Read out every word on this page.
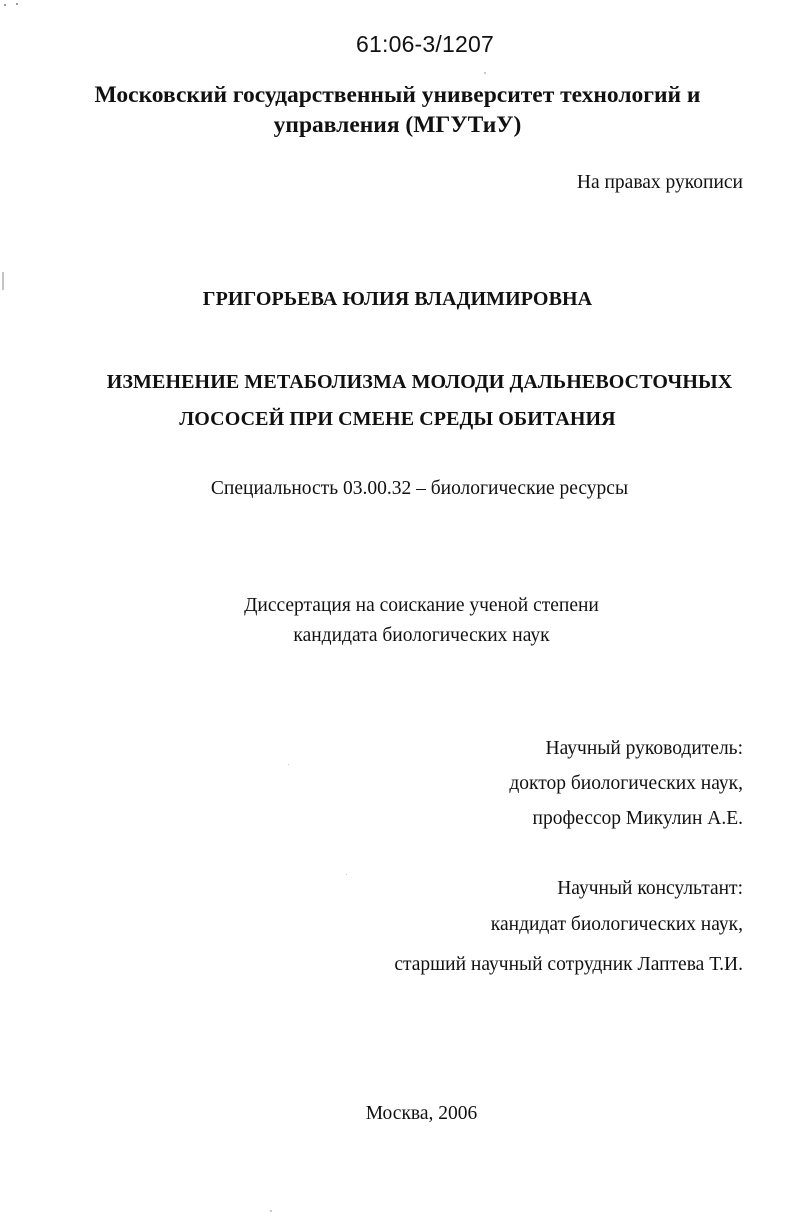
61:06-3/1207
Московский государственный университет технологий и
управления (МГУТиУ)
На правах рукописи
ГРИГОРЬЕВА ЮЛИЯ ВЛАДИМИРОВНА
ИЗМЕНЕНИЕ МЕТАБОЛИЗМА МОЛОДИ ДАЛЬНЕВОСТОЧНЫХ
ЛОСОСЕЙ ПРИ СМЕНЕ СРЕДЫ ОБИТАНИЯ
Специальность 03.00.32 – биологические ресурсы
Диссертация на соискание ученой степени
кандидата биологических наук
Научный руководитель:
доктор биологических наук,
профессор Микулин А.Е.
Научный консультант:
кандидат биологических наук,
старший научный сотрудник Лаптева Т.И.
Москва, 2006
